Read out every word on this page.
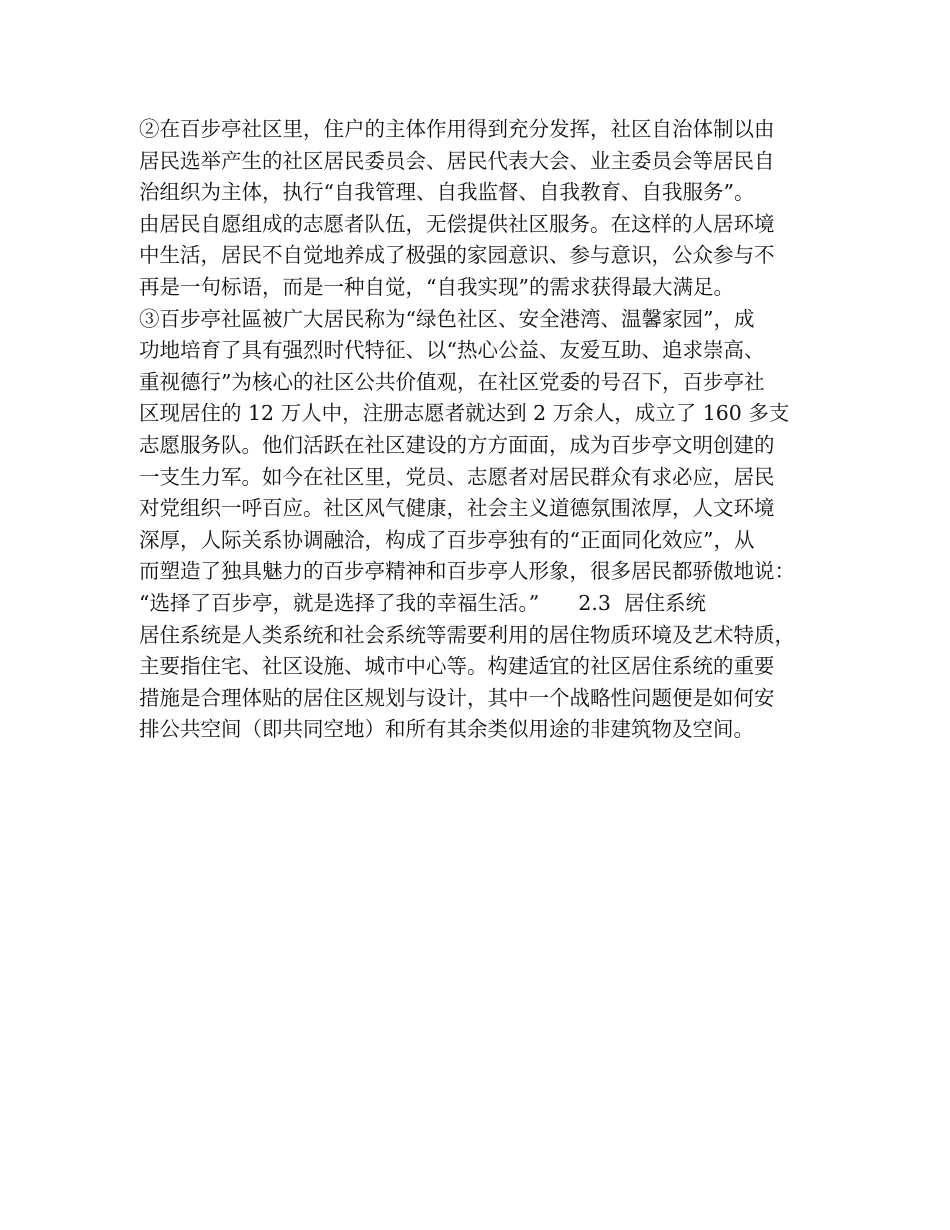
②在百步亭社区里，住户的主体作用得到充分发挥，社区自治体制以由
居民选举产生的社区居民委员会、居民代表大会、业主委员会等居民自
治组织为主体，执行“自我管理、自我监督、自我教育、自我服务”。
由居民自愿组成的志愿者队伍，无偿提供社区服务。在这样的人居环境
中生活，居民不自觉地养成了极强的家园意识、参与意识，公众参与不
再是一句标语，而是一种自觉，“自我实现”的需求获得最大满足。
③百步亭社區被广大居民称为“绿色社区、安全港湾、温馨家园”，成
功地培育了具有强烈时代特征、以“热心公益、友爱互助、追求崇高、
重视德行”为核心的社区公共价值观，在社区党委的号召下，百步亭社
区现居住的 12 万人中，注册志愿者就达到 2 万余人，成立了 160 多支
志愿服务队。他们活跃在社区建设的方方面面，成为百步亭文明创建的
一支生力军。如今在社区里，党员、志愿者对居民群众有求必应，居民
对党组织一呼百应。社区风气健康，社会主义道德氛围浓厚，人文环境
深厚，人际关系协调融洽，构成了百步亭独有的“正面同化效应”，从
而塑造了独具魅力的百步亭精神和百步亭人形象，很多居民都骄傲地说：
“选择了百步亭，就是选择了我的幸福生活。”      2.3  居住系统
居住系统是人类系统和社会系统等需要利用的居住物质环境及艺术特质，
主要指住宅、社区设施、城市中心等。构建适宜的社区居住系统的重要
措施是合理体贴的居住区规划与设计，其中一个战略性问题便是如何安
排公共空间（即共同空地）和所有其余类似用途的非建筑物及空间。
